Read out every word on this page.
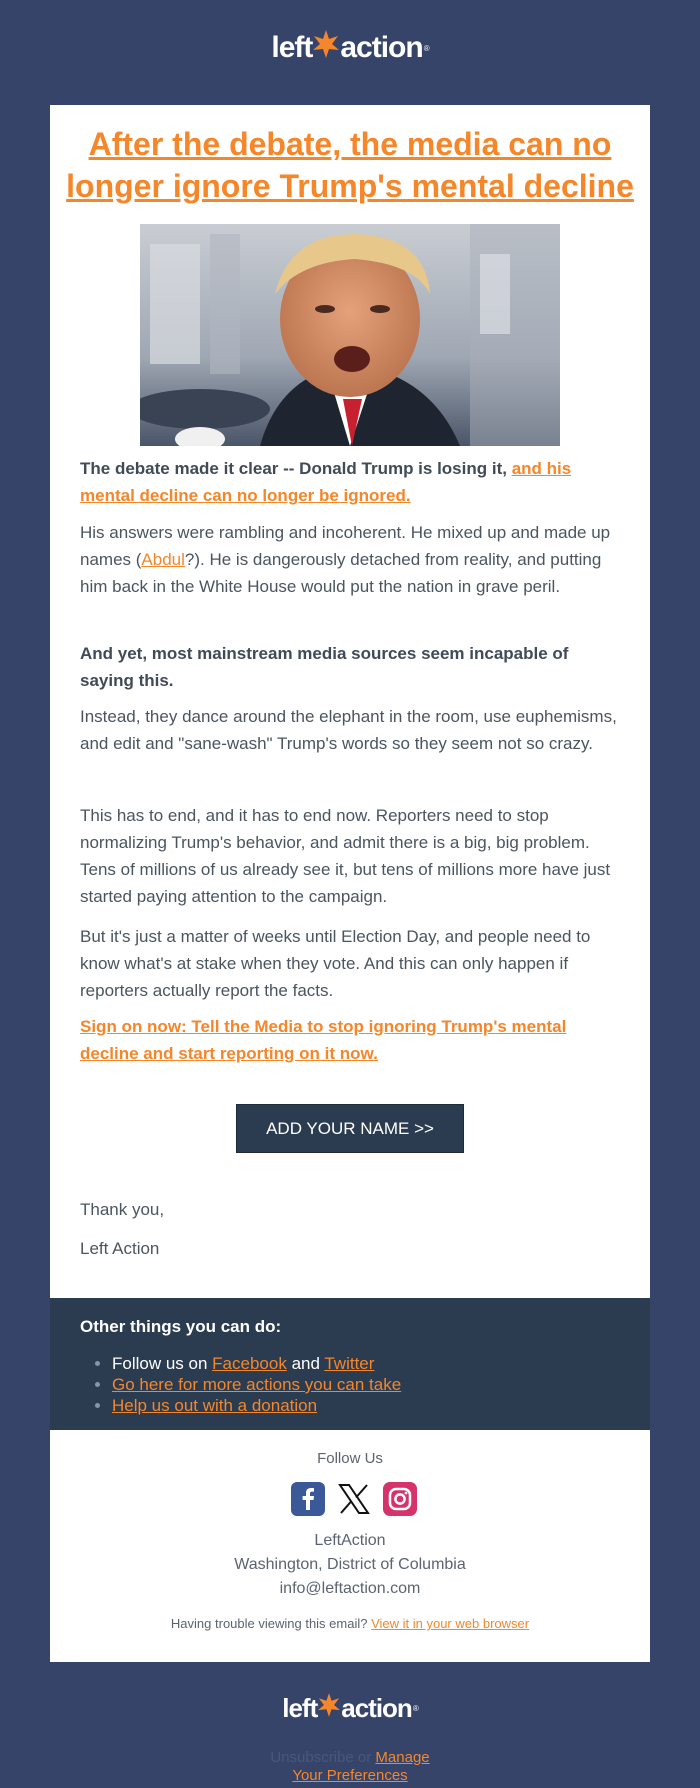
left action ®
After the debate, the media can no longer ignore Trump's mental decline

The debate made it clear -- Donald Trump is losing it, and his mental decline can no longer be ignored.

His answers were rambling and incoherent. He mixed up and made up names (Abdul?). He is dangerously detached from reality, and putting him back in the White House would put the nation in grave peril.

And yet, most mainstream media sources seem incapable of saying this.

Instead, they dance around the elephant in the room, use euphemisms, and edit and "sane-wash" Trump's words so they seem not so crazy.

This has to end, and it has to end now. Reporters need to stop normalizing Trump's behavior, and admit there is a big, big problem. Tens of millions of us already see it, but tens of millions more have just started paying attention to the campaign.

But it's just a matter of weeks until Election Day, and people need to know what's at stake when they vote. And this can only happen if reporters actually report the facts.

Sign on now: Tell the Media to stop ignoring Trump's mental decline and start reporting on it now.

ADD YOUR NAME >>

Thank you,

Left Action

Other things you can do:
• Follow us on Facebook and Twitter
• Go here for more actions you can take
• Help us out with a donation
Follow Us
LeftAction
Washington, District of Columbia
info@leftaction.com
Having trouble viewing this email? View it in your web browser
left action ®
Unsubscribe or Manage
Your Preferences
